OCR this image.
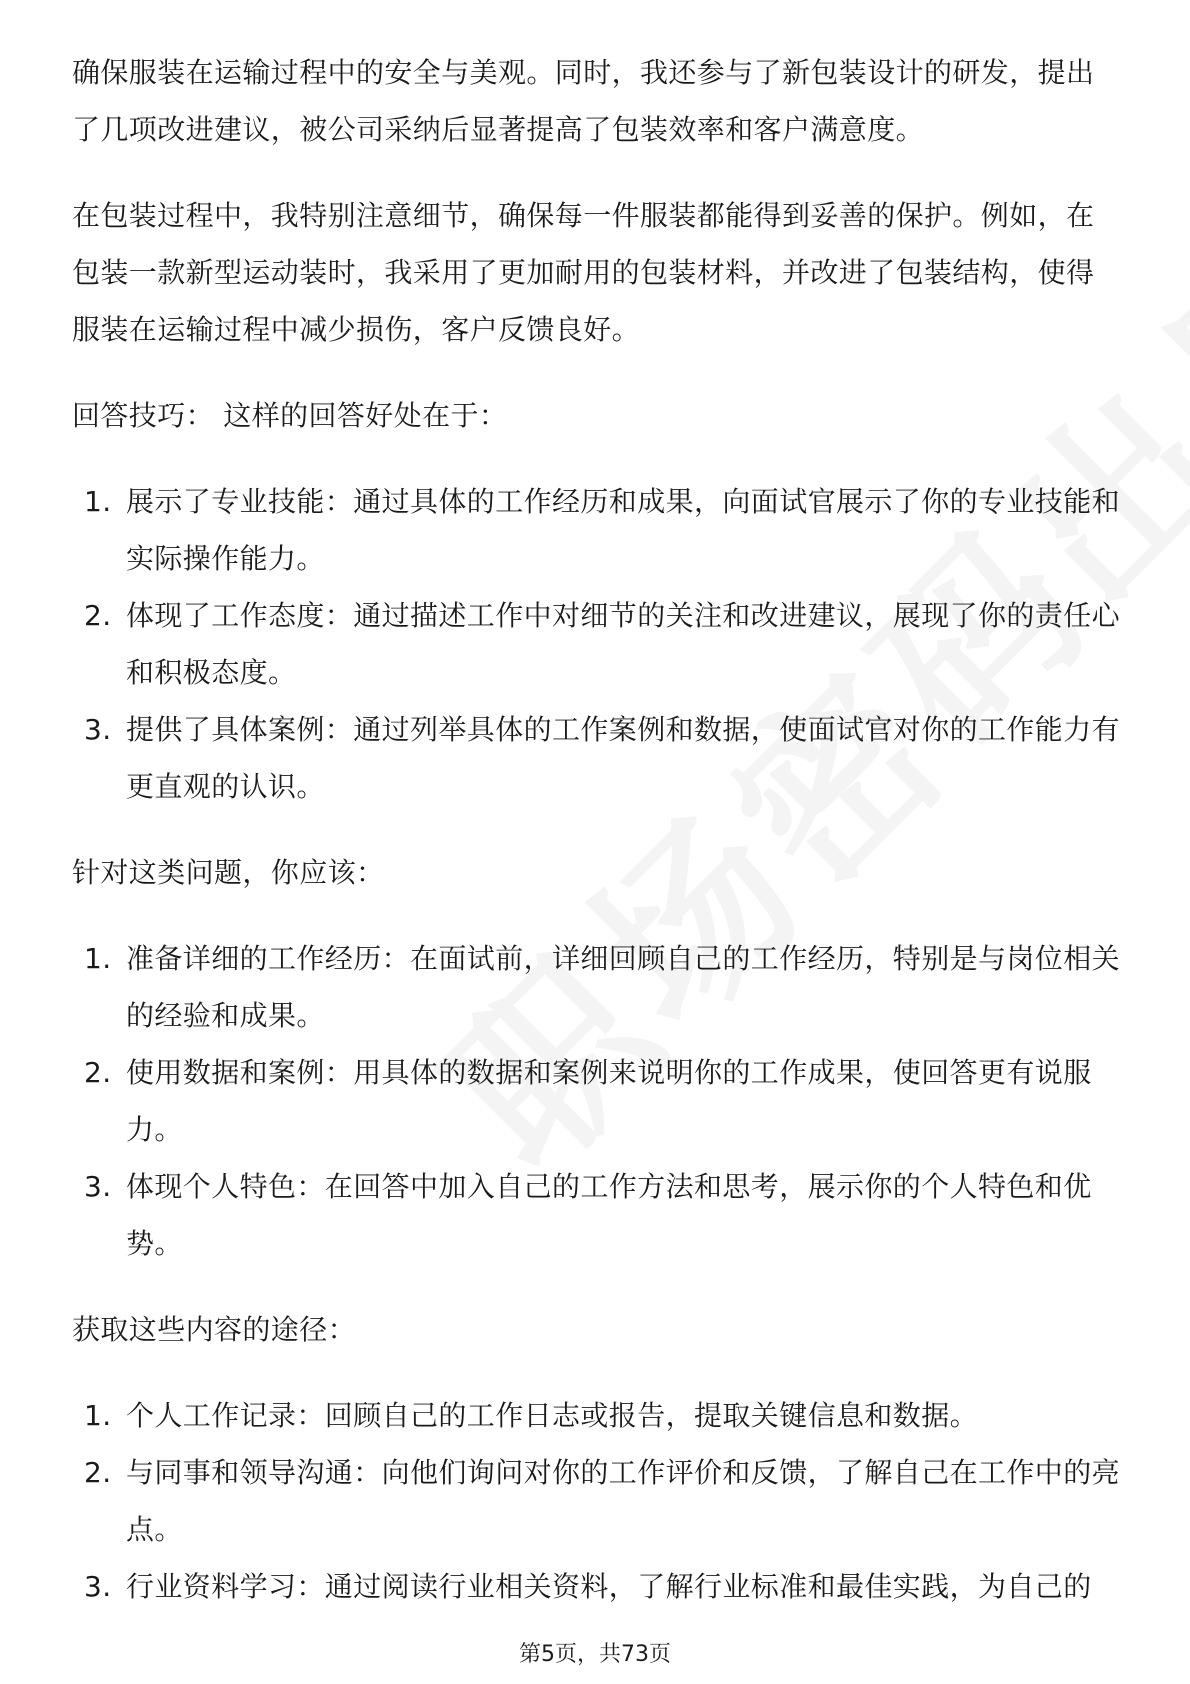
确保服装在运输过程中的安全与美观。同时，我还参与了新包装设计的研发，提出了几项改进建议，被公司采纳后显著提高了包装效率和客户满意度。

在包装过程中，我特别注意细节，确保每一件服装都能得到妥善的保护。例如，在包装一款新型运动装时，我采用了更加耐用的包装材料，并改进了包装结构，使得服装在运输过程中减少损伤，客户反馈良好。

回答技巧： 这样的回答好处在于：

1. 展示了专业技能：通过具体的工作经历和成果，向面试官展示了你的专业技能和实际操作能力。
2. 体现了工作态度：通过描述工作中对细节的关注和改进建议，展现了你的责任心和积极态度。
3. 提供了具体案例：通过列举具体的工作案例和数据，使面试官对你的工作能力有更直观的认识。

针对这类问题，你应该：

1. 准备详细的工作经历：在面试前，详细回顾自己的工作经历，特别是与岗位相关的经验和成果。
2. 使用数据和案例：用具体的数据和案例来说明你的工作成果，使回答更有说服力。
3. 体现个人特色：在回答中加入自己的工作方法和思考，展示你的个人特色和优势。

获取这些内容的途径：

1. 个人工作记录：回顾自己的工作日志或报告，提取关键信息和数据。
2. 与同事和领导沟通：向他们询问对你的工作评价和反馈，了解自己在工作中的亮点。
3. 行业资料学习：通过阅读行业相关资料，了解行业标准和最佳实践，为自己的
第5页，共73页
